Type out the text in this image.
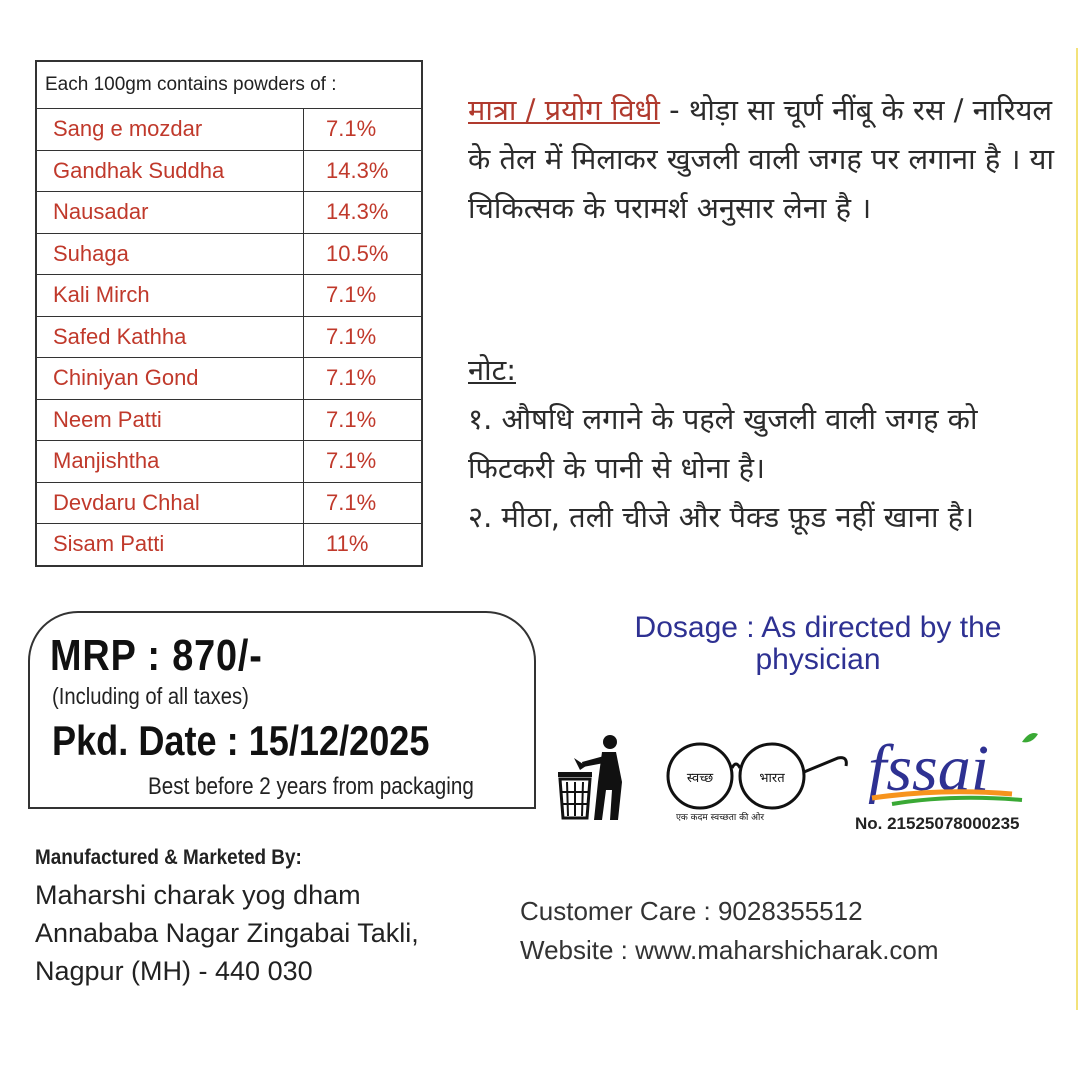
Each 100gm contains powders of :	
Sang e mozdar	7.1%
Gandhak Suddha	14.3%
Nausadar	14.3%
Suhaga	10.5%
Kali Mirch	7.1%
Safed Kathha	7.1%
Chiniyan Gond	7.1%
Neem Patti	7.1%
Manjishtha	7.1%
Devdaru Chhal	7.1%
Sisam Patti	11%
मात्रा / प्रयोग विधी - थोड़ा सा चूर्ण नींबू के रस / नारियल के तेल में मिलाकर खुजली वाली जगह पर लगाना है । या चिकित्सक के परामर्श अनुसार लेना है ।
नोट:
१. औषधि लगाने के पहले खुजली वाली जगह को फिटकरी के पानी से धोना है।
२. मीठा, तली चीजे और पैक्ड फ़ूड नहीं खाना है।
MRP : 870/-
(Including of all taxes)
Pkd. Date : 15/12/2025
Best before 2 years from packaging
Dosage : As directed by the
physician
स्वच्छ	भारत
एक कदम स्वच्छता की ओर
fssai
No. 21525078000235
Manufactured & Marketed By:
Maharshi charak yog dham
Annababa Nagar Zingabai Takli,
Nagpur (MH) - 440 030
Customer Care : 9028355512
Website : www.maharshicharak.com
